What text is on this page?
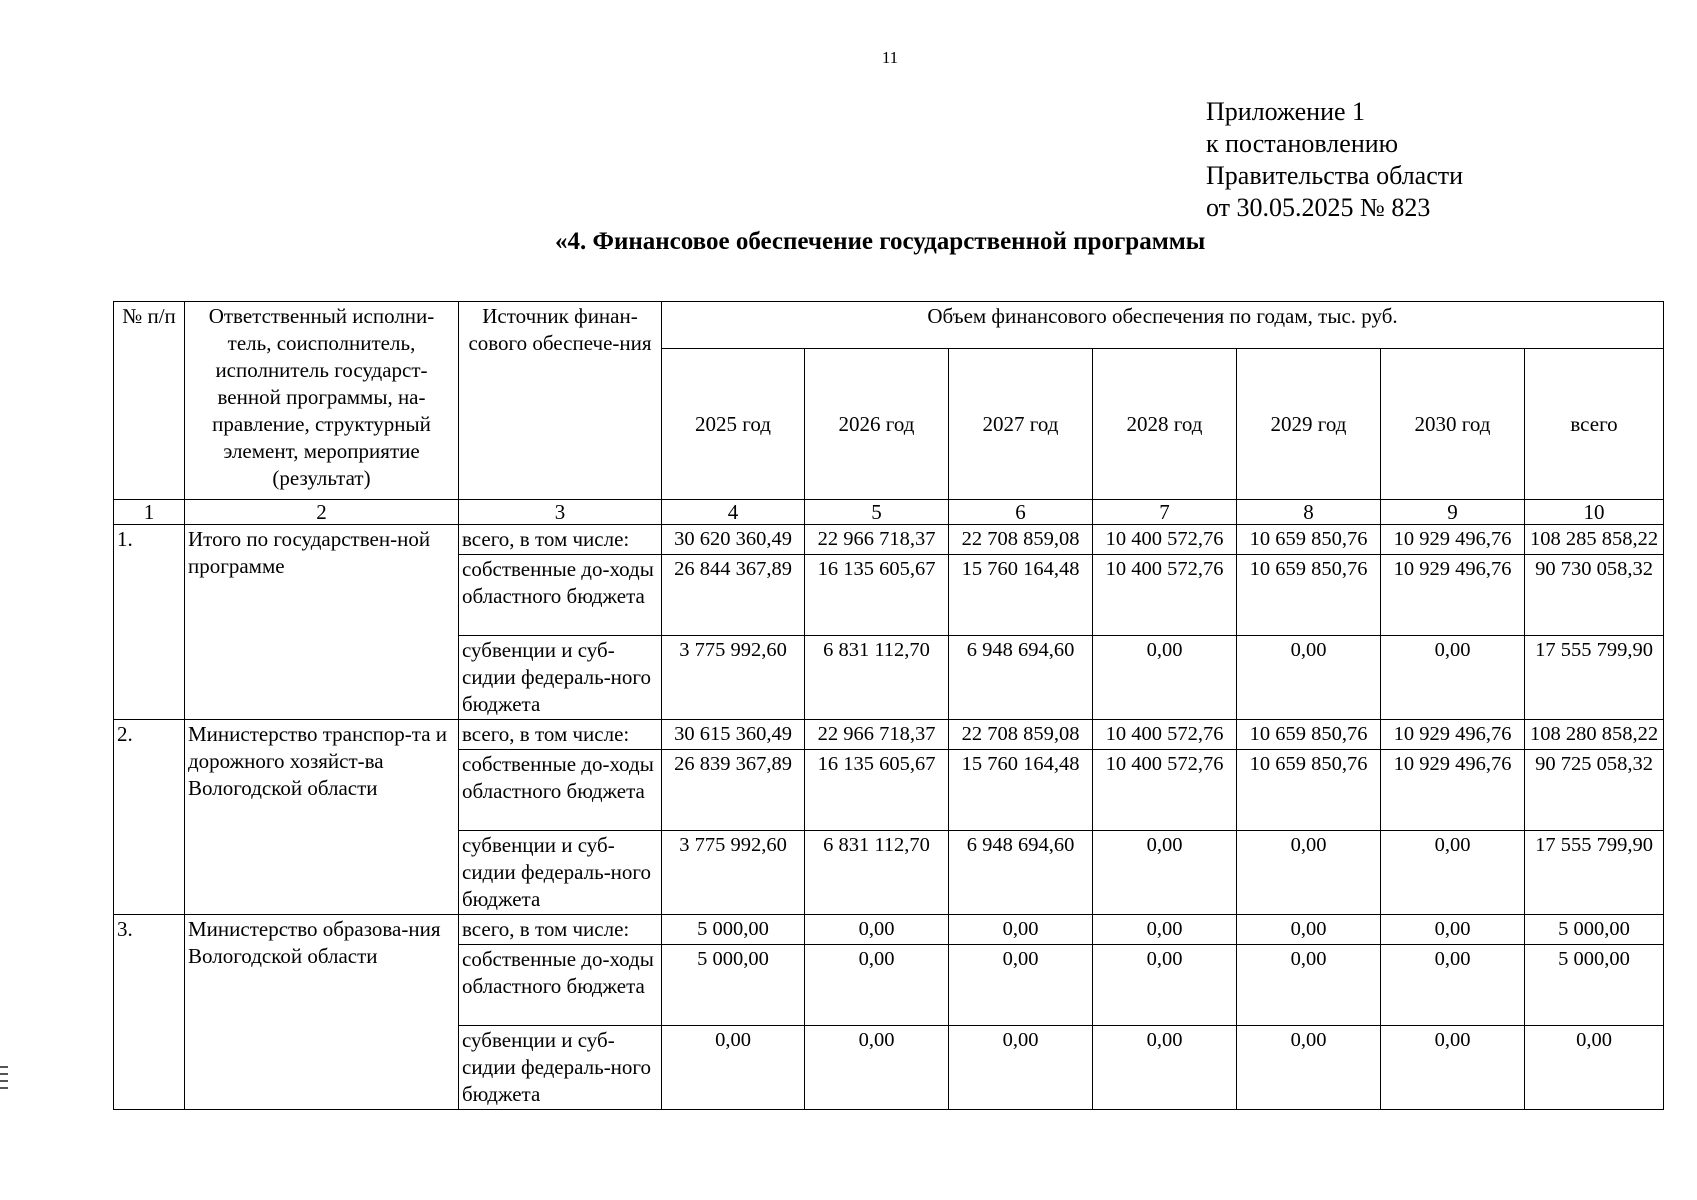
11
Приложение 1
к постановлению
Правительства области
от 30.05.2025 № 823
«4. Финансовое обеспечение государственной программы
№ п/п	Ответственный исполни-тель, соисполнитель, исполнитель государст-венной программы, на-правление, структурный элемент, мероприятие (результат)	Источник финан-сового обеспече-ния	Объем финансового обеспечения по годам, тыс. руб.						
			2025 год	2026 год	2027 год	2028 год	2029 год	2030 год	всего
1	2	3	4	5	6	7	8	9	10
1.	Итого по государствен-ной программе	всего, в том числе:	30 620 360,49	22 966 718,37	22 708 859,08	10 400 572,76	10 659 850,76	10 929 496,76	108 285 858,22
		собственные до-ходы областного бюджета	26 844 367,89	16 135 605,67	15 760 164,48	10 400 572,76	10 659 850,76	10 929 496,76	90 730 058,32
		субвенции и суб-сидии федераль-ного бюджета	3 775 992,60	6 831 112,70	6 948 694,60	0,00	0,00	0,00	17 555 799,90
2.	Министерство транспор-та и дорожного хозяйст-ва Вологодской области	всего, в том числе:	30 615 360,49	22 966 718,37	22 708 859,08	10 400 572,76	10 659 850,76	10 929 496,76	108 280 858,22
		собственные до-ходы областного бюджета	26 839 367,89	16 135 605,67	15 760 164,48	10 400 572,76	10 659 850,76	10 929 496,76	90 725 058,32
		субвенции и суб-сидии федераль-ного бюджета	3 775 992,60	6 831 112,70	6 948 694,60	0,00	0,00	0,00	17 555 799,90
3.	Министерство образова-ния Вологодской области	всего, в том числе:	5 000,00	0,00	0,00	0,00	0,00	0,00	5 000,00
		собственные до-ходы областного бюджета	5 000,00	0,00	0,00	0,00	0,00	0,00	5 000,00
		субвенции и суб-сидии федераль-ного бюджета	0,00	0,00	0,00	0,00	0,00	0,00	0,00
